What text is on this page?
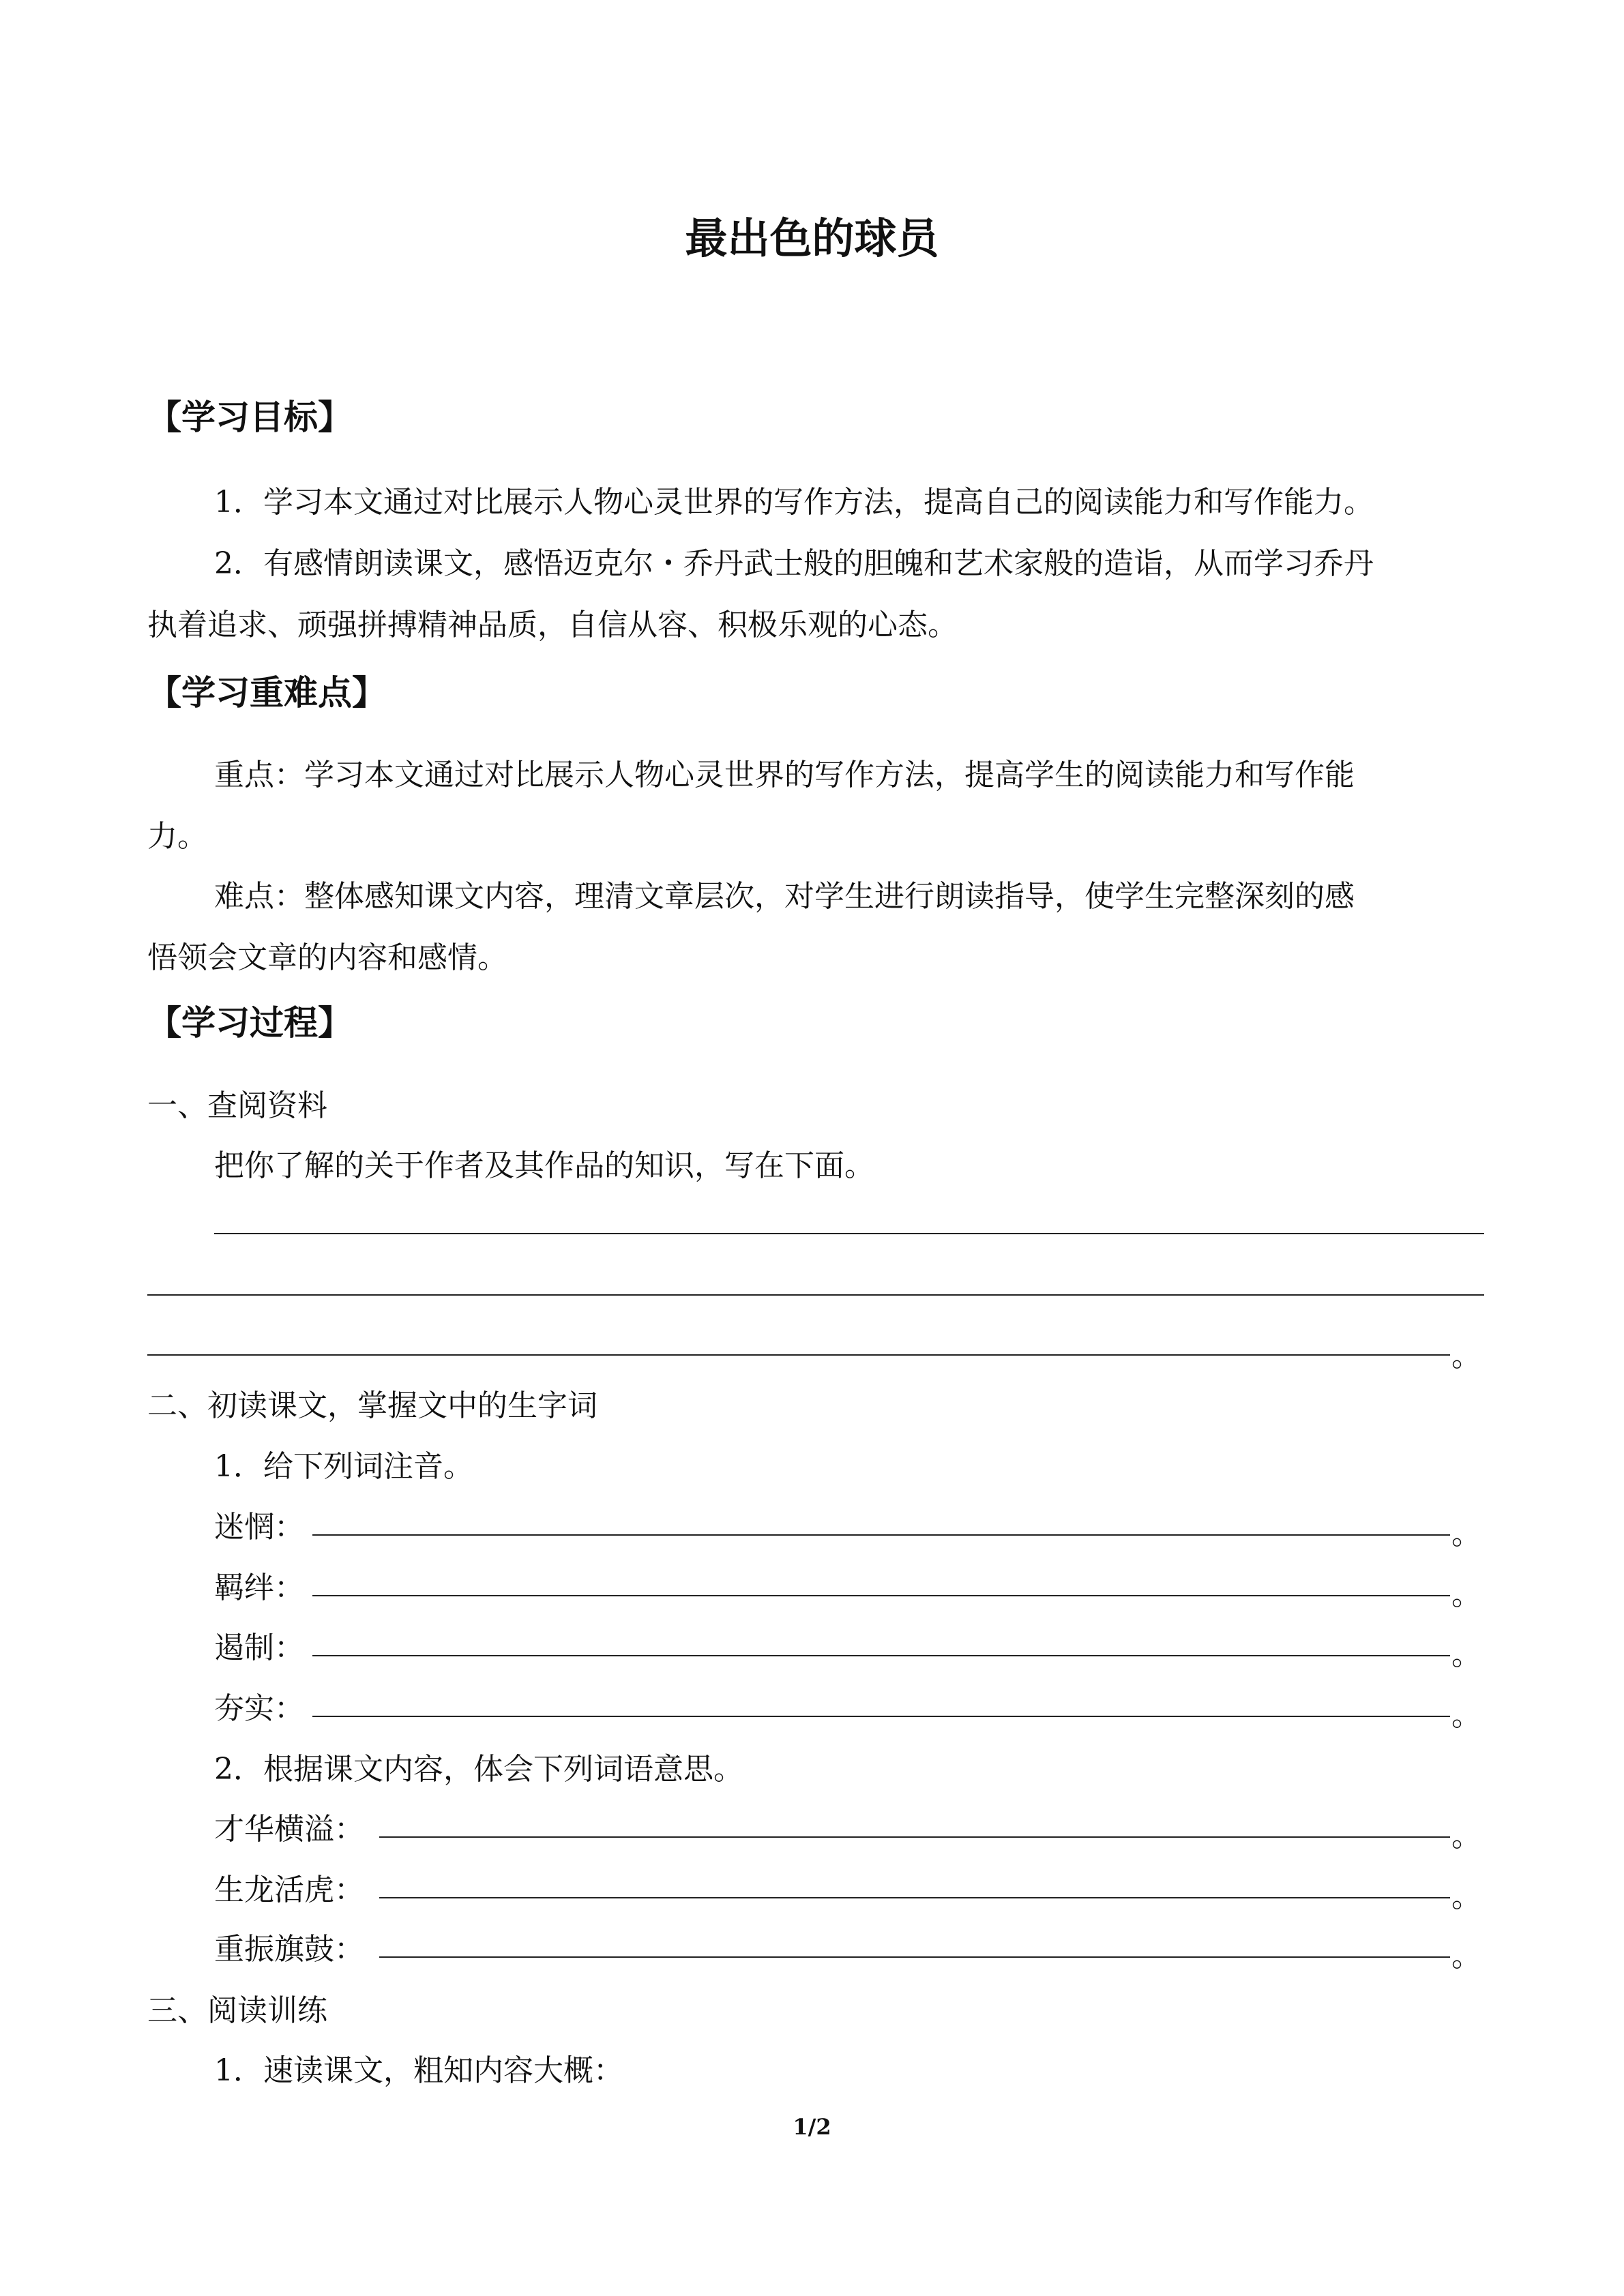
最出色的球员
【学习目标】
1．学习本文通过对比展示人物心灵世界的写作方法，提高自己的阅读能力和写作能力。
2．有感情朗读课文，感悟迈克尔・乔丹武士般的胆魄和艺术家般的造诣，从而学习乔丹
执着追求、顽强拼搏精神品质，自信从容、积极乐观的心态。
【学习重难点】
重点：学习本文通过对比展示人物心灵世界的写作方法，提高学生的阅读能力和写作能
力。
难点：整体感知课文内容，理清文章层次，对学生进行朗读指导，使学生完整深刻的感
悟领会文章的内容和感情。
【学习过程】
一、查阅资料
把你了解的关于作者及其作品的知识，写在下面。
。
二、初读课文，掌握文中的生字词
1．给下列词注音。
迷惘：	。
羁绊：	。
遏制：	。
夯实：	。
2．根据课文内容，体会下列词语意思。
才华横溢：	。
生龙活虎：	。
重振旗鼓：	。
三、阅读训练
1．速读课文，粗知内容大概：
1/2
